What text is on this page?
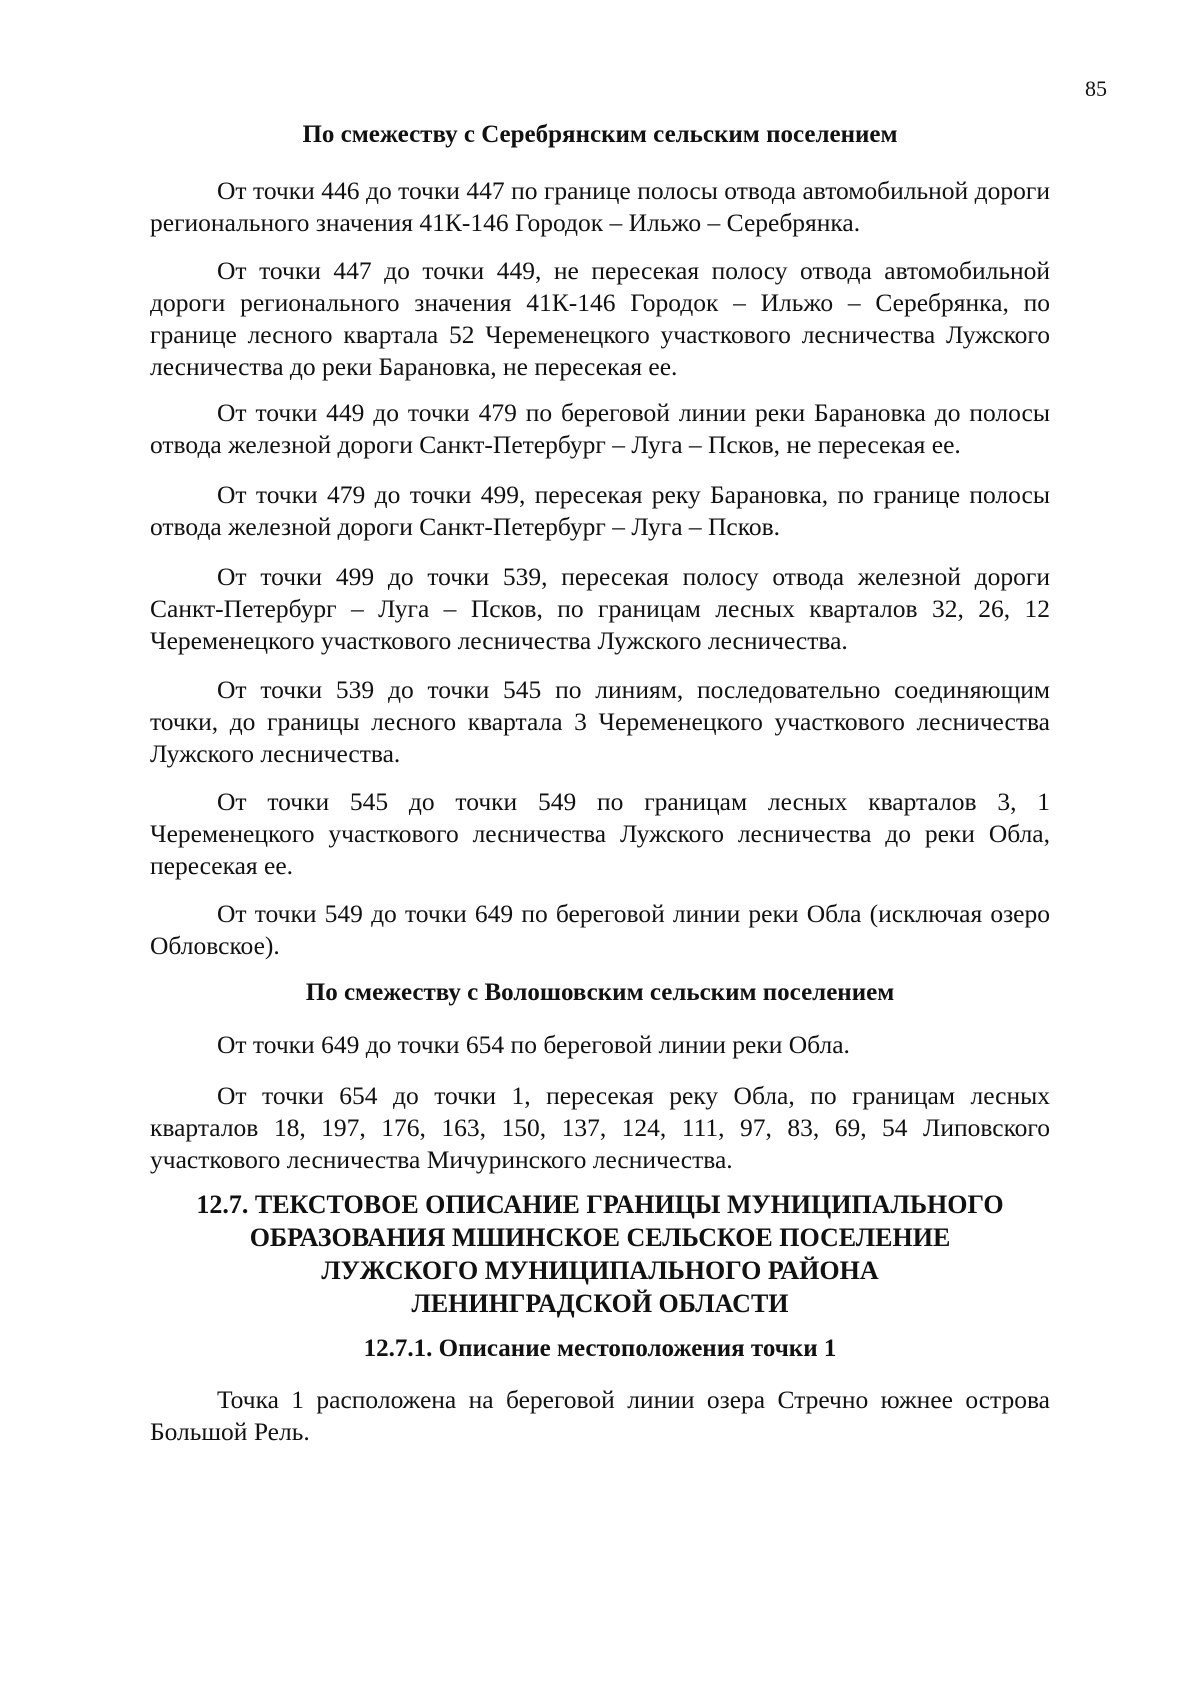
85
По смежеству с Серебрянским сельским поселением
От точки 446 до точки 447 по границе полосы отвода автомобильной дороги регионального значения 41К-146 Городок – Ильжо – Серебрянка.
От точки 447 до точки 449, не пересекая полосу отвода автомобильной дороги регионального значения 41К-146 Городок – Ильжо – Серебрянка, по границе лесного квартала 52 Череменецкого участкового лесничества Лужского лесничества до реки Барановка, не пересекая ее.
От точки 449 до точки 479 по береговой линии реки Барановка до полосы отвода железной дороги Санкт-Петербург – Луга – Псков, не пересекая ее.
От точки 479 до точки 499, пересекая реку Барановка, по границе полосы отвода железной дороги Санкт-Петербург – Луга – Псков.
От точки 499 до точки 539, пересекая полосу отвода железной дороги Санкт-Петербург – Луга – Псков, по границам лесных кварталов 32, 26, 12 Череменецкого участкового лесничества Лужского лесничества.
От точки 539 до точки 545 по линиям, последовательно соединяющим точки, до границы лесного квартала 3 Череменецкого участкового лесничества Лужского лесничества.
От точки 545 до точки 549 по границам лесных кварталов 3, 1 Череменецкого участкового лесничества Лужского лесничества до реки Обла, пересекая ее.
От точки 549 до точки 649 по береговой линии реки Обла (исключая озеро Обловское).
По смежеству с Волошовским сельским поселением
От точки 649 до точки 654 по береговой линии реки Обла.
От точки 654 до точки 1, пересекая реку Обла, по границам лесных кварталов 18, 197, 176, 163, 150, 137, 124, 111, 97, 83, 69, 54 Липовского участкового лесничества Мичуринского лесничества.
12.7. ТЕКСТОВОЕ ОПИСАНИЕ ГРАНИЦЫ МУНИЦИПАЛЬНОГО
ОБРАЗОВАНИЯ МШИНСКОЕ СЕЛЬСКОЕ ПОСЕЛЕНИЕ
ЛУЖСКОГО МУНИЦИПАЛЬНОГО РАЙОНА
ЛЕНИНГРАДСКОЙ ОБЛАСТИ
12.7.1. Описание местоположения точки 1
Точка 1 расположена на береговой линии озера Стречно южнее острова Большой Рель.
